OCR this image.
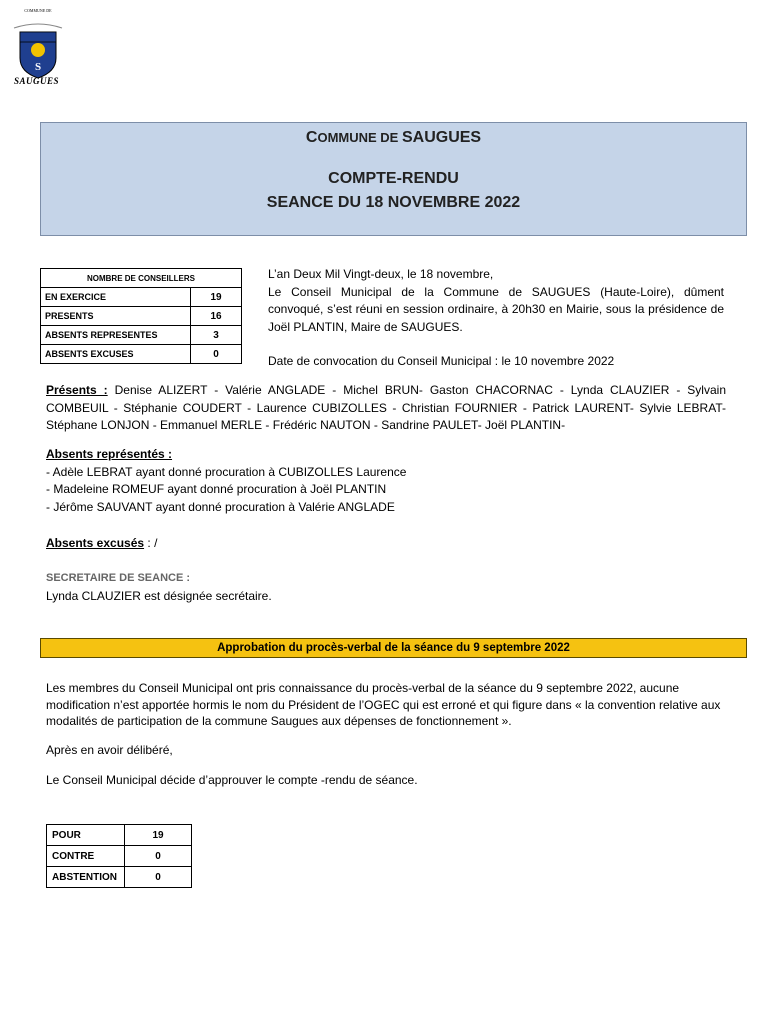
COMMUNE DE
S
SAUGUES
COMMUNE DE SAUGUES
COMPTE-RENDU
SEANCE DU 18 NOVEMBRE 2022
NOMBRE DE CONSEILLERS	
EN EXERCICE	19
PRESENTS	16
ABSENTS REPRESENTES	3
ABSENTS EXCUSES	0
L’an Deux Mil Vingt-deux, le 18 novembre,
Le Conseil Municipal de la Commune de SAUGUES (Haute-Loire), dûment convoqué, s’est réuni en session ordinaire, à 20h30 en Mairie, sous la présidence de Joël PLANTIN, Maire de SAUGUES.
Date de convocation du Conseil Municipal : le 10 novembre 2022
Présents : Denise ALIZERT - Valérie ANGLADE - Michel BRUN- Gaston CHACORNAC - Lynda CLAUZIER - Sylvain COMBEUIL - Stéphanie COUDERT - Laurence CUBIZOLLES - Christian FOURNIER - Patrick LAURENT- Sylvie LEBRAT- Stéphane LONJON - Emmanuel MERLE - Frédéric NAUTON - Sandrine PAULET- Joël PLANTIN-
Absents représentés :
- Adèle LEBRAT ayant donné procuration à CUBIZOLLES Laurence
- Madeleine ROMEUF ayant donné procuration à Joël PLANTIN
- Jérôme SAUVANT ayant donné procuration à Valérie ANGLADE
Absents excusés : /
SECRETAIRE DE SEANCE :
Lynda CLAUZIER est désignée secrétaire.
Approbation du procès-verbal de la séance du 9 septembre 2022
Les membres du Conseil Municipal ont pris connaissance du procès-verbal de la séance du 9 septembre 2022, aucune modification n’est apportée hormis le nom du Président de l’OGEC qui est erroné et qui figure dans « la convention relative aux modalités de participation de la commune Saugues aux dépenses de fonctionnement ».
Après en avoir délibéré,
Le Conseil Municipal décide d’approuver le compte -rendu de séance.
POUR	19
CONTRE	0
ABSTENTION	0
